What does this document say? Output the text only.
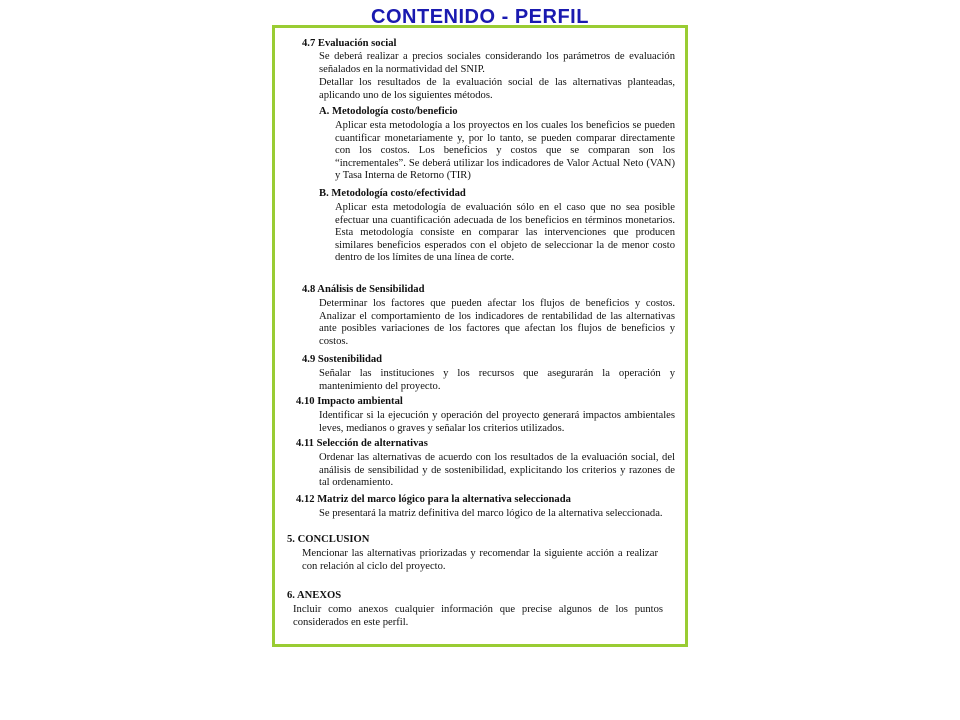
CONTENIDO - PERFIL
4.7 Evaluación social
Se deberá realizar a precios sociales considerando los parámetros de evaluación señalados en la normatividad del SNIP.
Detallar los resultados de la evaluación social de las alternativas planteadas, aplicando uno de los siguientes métodos.
A. Metodología costo/beneficio
Aplicar esta metodología a los proyectos en los cuales los beneficios se pueden cuantificar monetariamente y, por lo tanto, se pueden comparar directamente con los costos. Los beneficios y costos que se comparan son los “incrementales”. Se deberá utilizar los indicadores de Valor Actual Neto (VAN) y Tasa Interna de Retorno (TIR)
B. Metodología costo/efectividad
Aplicar esta metodología de evaluación sólo en el caso que no sea posible efectuar una cuantificación adecuada de los beneficios en términos monetarios. Esta metodología consiste en comparar las intervenciones que producen similares beneficios esperados con el objeto de seleccionar la de menor costo dentro de los límites de una línea de corte.
4.8 Análisis de Sensibilidad
Determinar los factores que pueden afectar los flujos de beneficios y costos. Analizar el comportamiento de los indicadores de rentabilidad de las alternativas ante posibles variaciones de los factores que afectan los flujos de beneficios y costos.
4.9 Sostenibilidad
Señalar las instituciones y los recursos que asegurarán la operación y mantenimiento del proyecto.
4.10 Impacto ambiental
Identificar si la ejecución y operación del proyecto generará impactos ambientales leves, medianos o graves y señalar los criterios utilizados.
4.11 Selección de alternativas
Ordenar las alternativas de acuerdo con los resultados de la evaluación social, del análisis de sensibilidad y de sostenibilidad, explicitando los criterios y razones de tal ordenamiento.
4.12 Matriz del marco lógico para la alternativa seleccionada
Se presentará la matriz definitiva del marco lógico de la alternativa seleccionada.
5. CONCLUSION
Mencionar las alternativas priorizadas y recomendar la siguiente acción a realizar con relación al ciclo del proyecto.
6. ANEXOS
Incluir como anexos cualquier información que precise algunos de los puntos considerados en este perfil.
